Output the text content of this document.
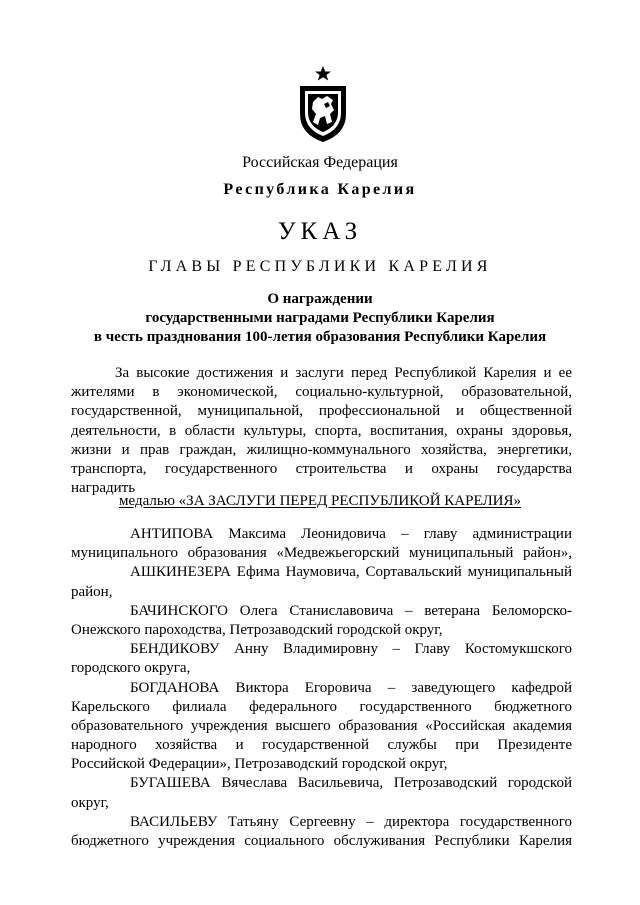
Российская Федерация
Республика Карелия
УКАЗ
ГЛАВЫ РЕСПУБЛИКИ КАРЕЛИЯ
О награждении
государственными наградами Республики Карелия
в честь празднования 100-летия образования Республики Карелия
За высокие достижения и заслуги перед Республикой Карелия и ее
жителями в экономической, социально-культурной, образовательной,
государственной, муниципальной, профессиональной и общественной
деятельности, в области культуры, спорта, воспитания, охраны здоровья,
жизни и прав граждан, жилищно-коммунального хозяйства, энергетики,
транспорта, государственного строительства и охраны государства
наградить
медалью «ЗА ЗАСЛУГИ ПЕРЕД РЕСПУБЛИКОЙ КАРЕЛИЯ»
АНТИПОВА Максима Леонидовича – главу администрации
муниципального образования «Медвежьегорский муниципальный район»,
АШКИНЕЗЕРА Ефима Наумовича, Сортавальский муниципальный
район,
БАЧИНСКОГО Олега Станиславовича – ветерана Беломорско-
Онежского пароходства, Петрозаводский городской округ,
БЕНДИКОВУ Анну Владимировну – Главу Костомукшского
городского округа,
БОГДАНОВА Виктора Егоровича – заведующего кафедрой
Карельского филиала федерального государственного бюджетного
образовательного учреждения высшего образования «Российская академия
народного хозяйства и государственной службы при Президенте
Российской Федерации», Петрозаводский городской округ,
БУГАШЕВА Вячеслава Васильевича, Петрозаводский городской
округ,
ВАСИЛЬЕВУ Татьяну Сергеевну – директора государственного
бюджетного учреждения социального обслуживания Республики Карелия
